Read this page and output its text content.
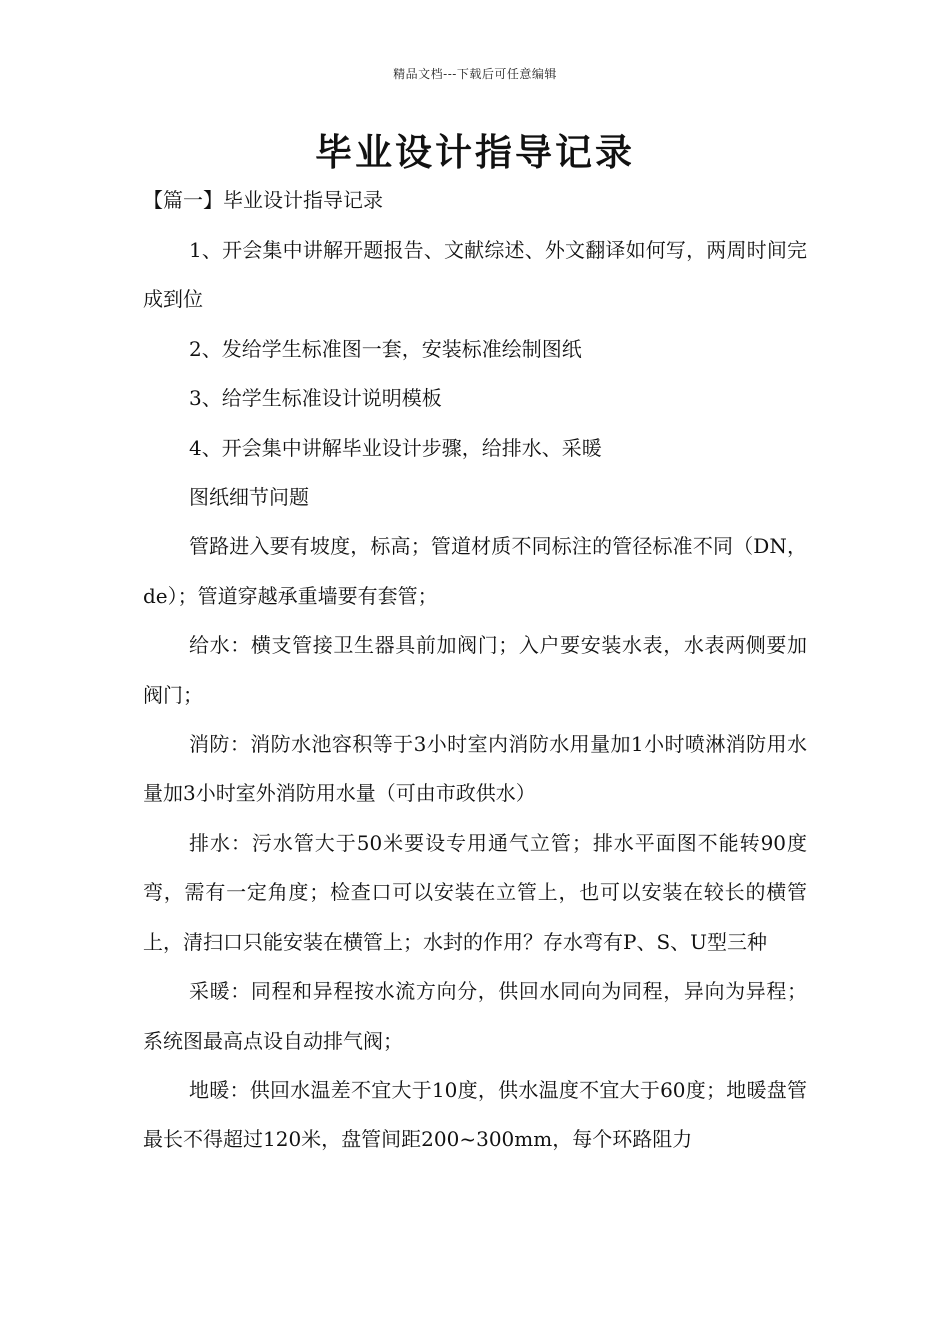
精品文档---下载后可任意编辑
毕业设计指导记录
【篇一】毕业设计指导记录

1、开会集中讲解开题报告、文献综述、外文翻译如何写，两周时间完成到位

2、发给学生标准图一套，安装标准绘制图纸

3、给学生标准设计说明模板

4、开会集中讲解毕业设计步骤，给排水、采暖

图纸细节问题

管路进入要有坡度，标高；管道材质不同标注的管径标准不同（DN，de）；管道穿越承重墙要有套管；

给水：横支管接卫生器具前加阀门；入户要安装水表，水表两侧要加阀门；

消防：消防水池容积等于3小时室内消防水用量加1小时喷淋消防用水量加3小时室外消防用水量（可由市政供水）

排水：污水管大于50米要设专用通气立管；排水平面图不能转90度弯，需有一定角度；检查口可以安装在立管上，也可以安装在较长的横管上，清扫口只能安装在横管上；水封的作用？存水弯有P、S、U型三种

采暖：同程和异程按水流方向分，供回水同向为同程，异向为异程；系统图最高点设自动排气阀；

地暖：供回水温差不宜大于10度，供水温度不宜大于60度；地暖盘管最长不得超过120米，盘管间距200~300mm，每个环路阻力
